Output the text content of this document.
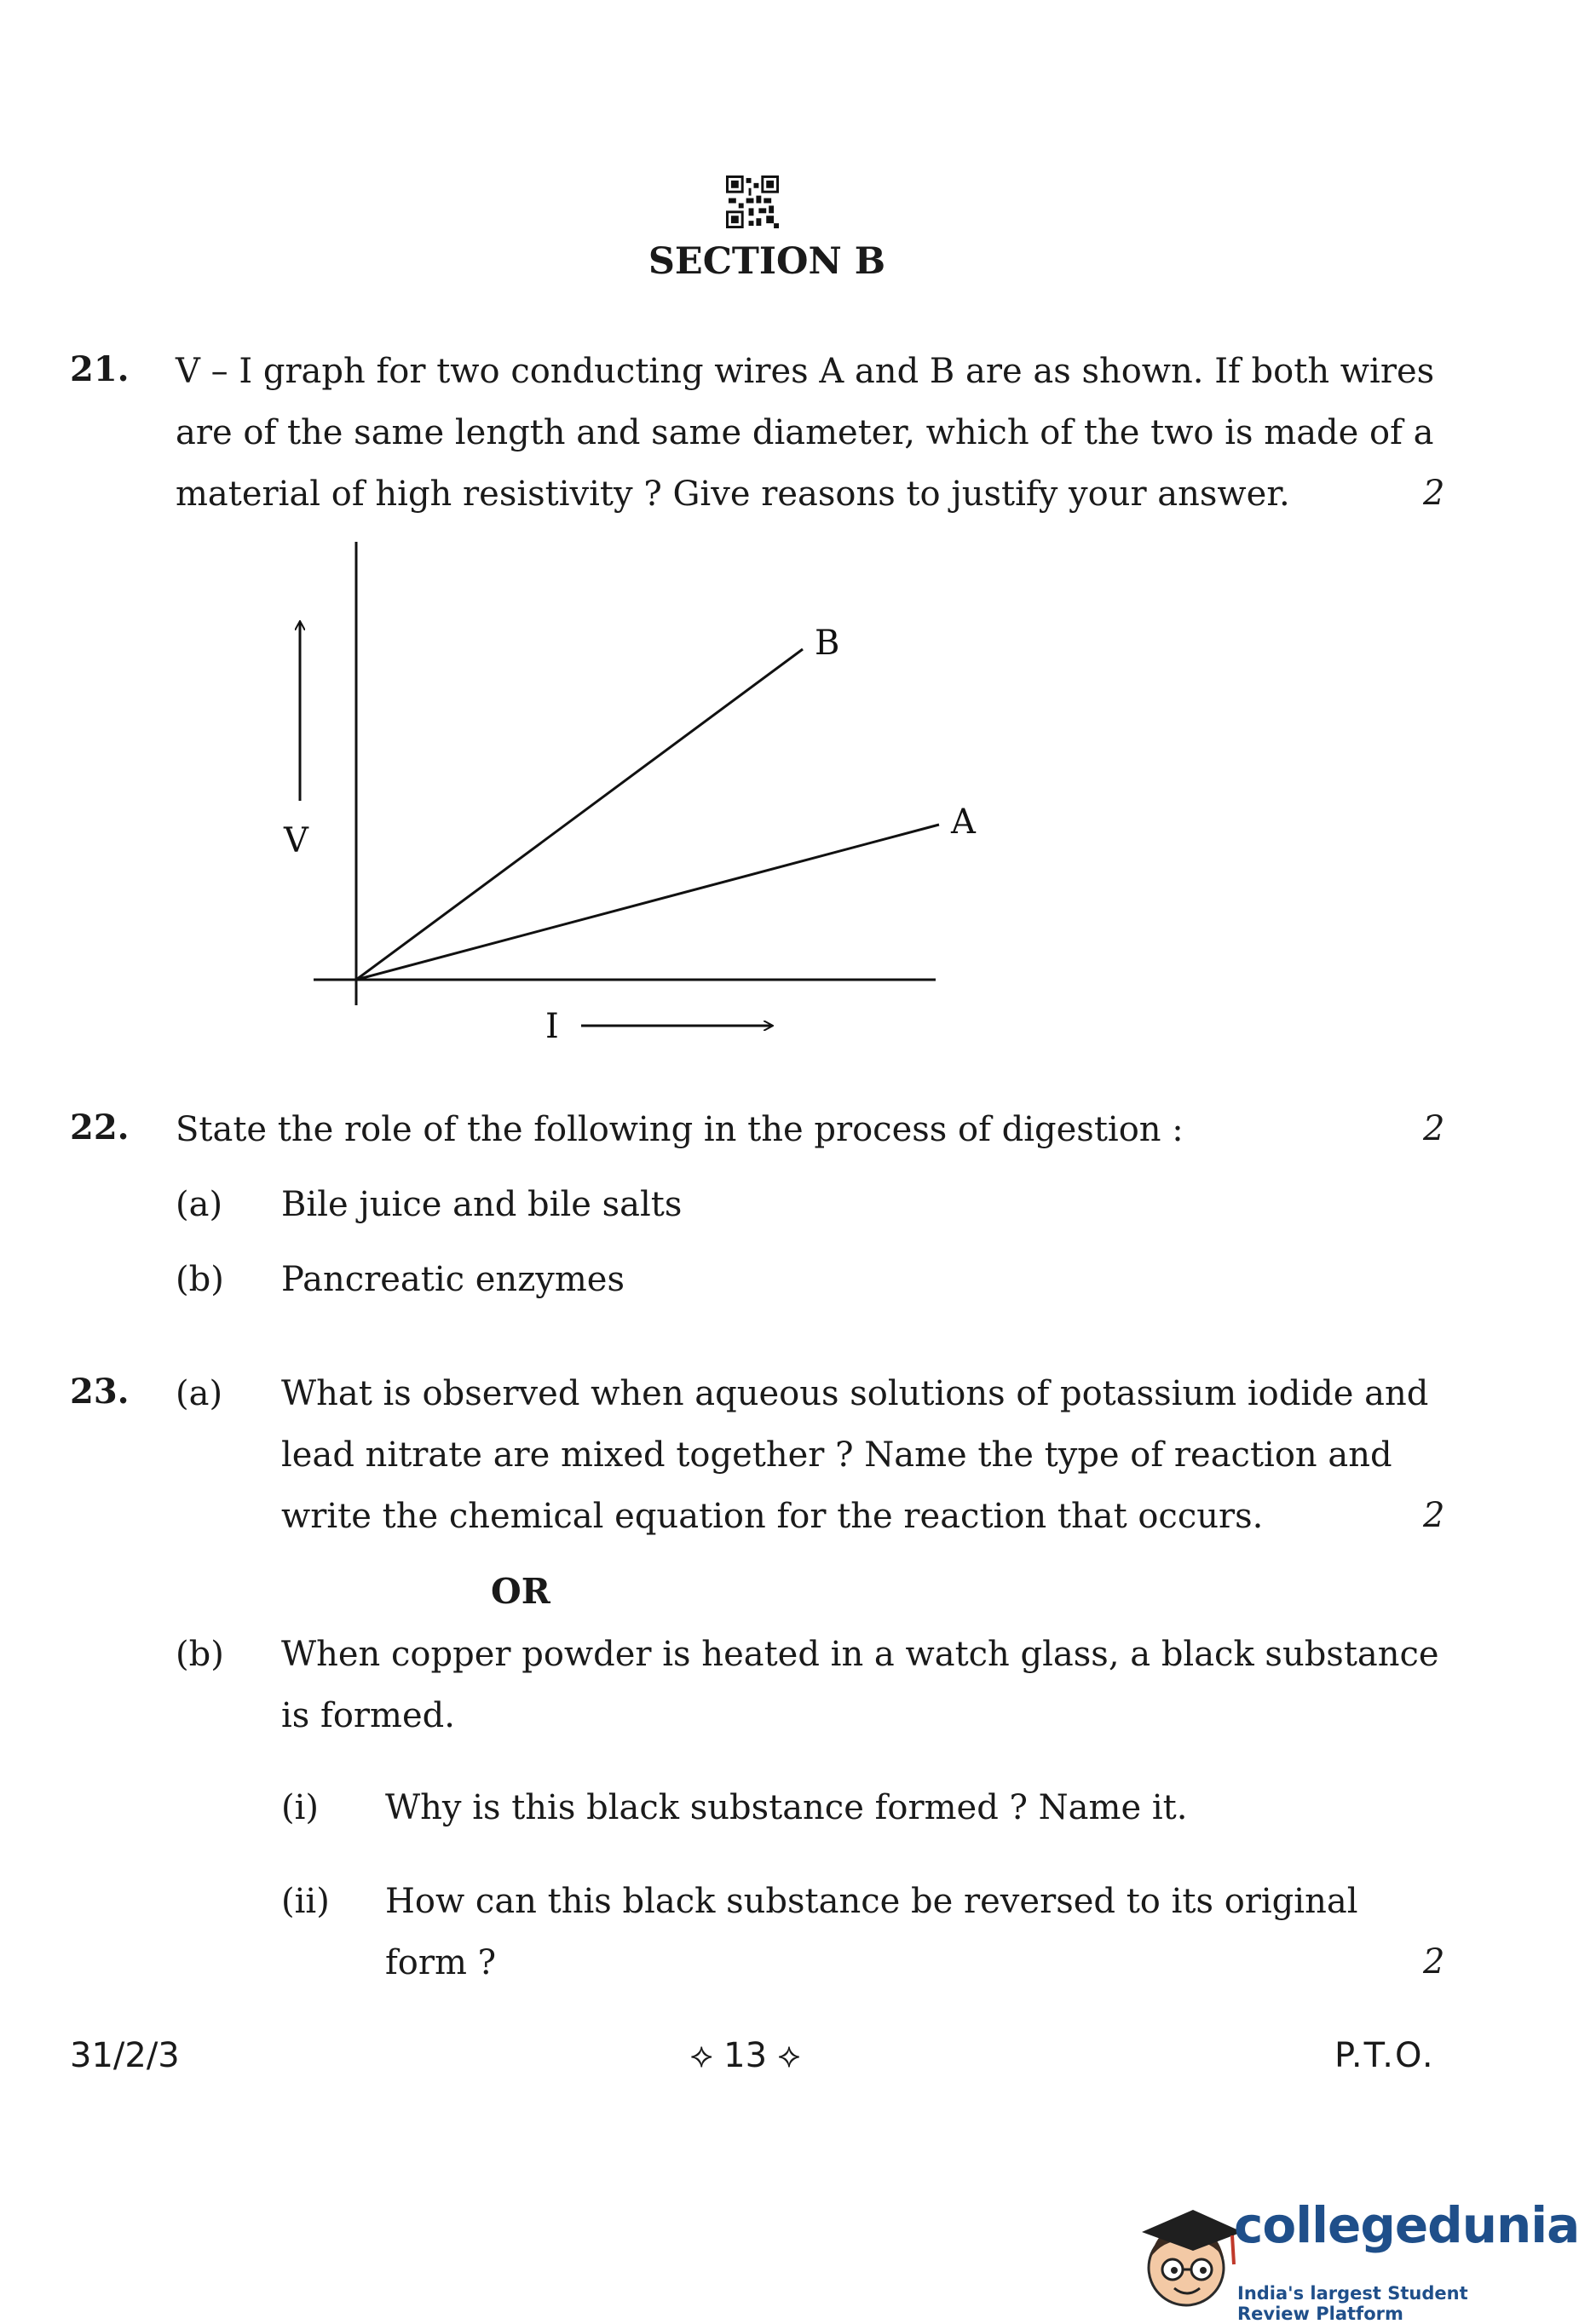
SECTION B
21. V – I graph for two conducting wires A and B are as shown. If both wires
are of the same length and same diameter, which of the two is made of a
material of high resistivity ? Give reasons to justify your answer.	2
V
I
B
A
22. State the role of the following in the process of digestion :	2
(a) Bile juice and bile salts
(b) Pancreatic enzymes
23. (a) What is observed when aqueous solutions of potassium iodide and
lead nitrate are mixed together ? Name the type of reaction and
write the chemical equation for the reaction that occurs.	2
OR
(b) When copper powder is heated in a watch glass, a black substance
is formed.
(i) Why is this black substance formed ? Name it.
(ii) How can this black substance be reversed to its original
form ?	2
31/2/3	⟡ 13 ⟡	P.T.O.
collegedunia
India's largest Student Review Platform
